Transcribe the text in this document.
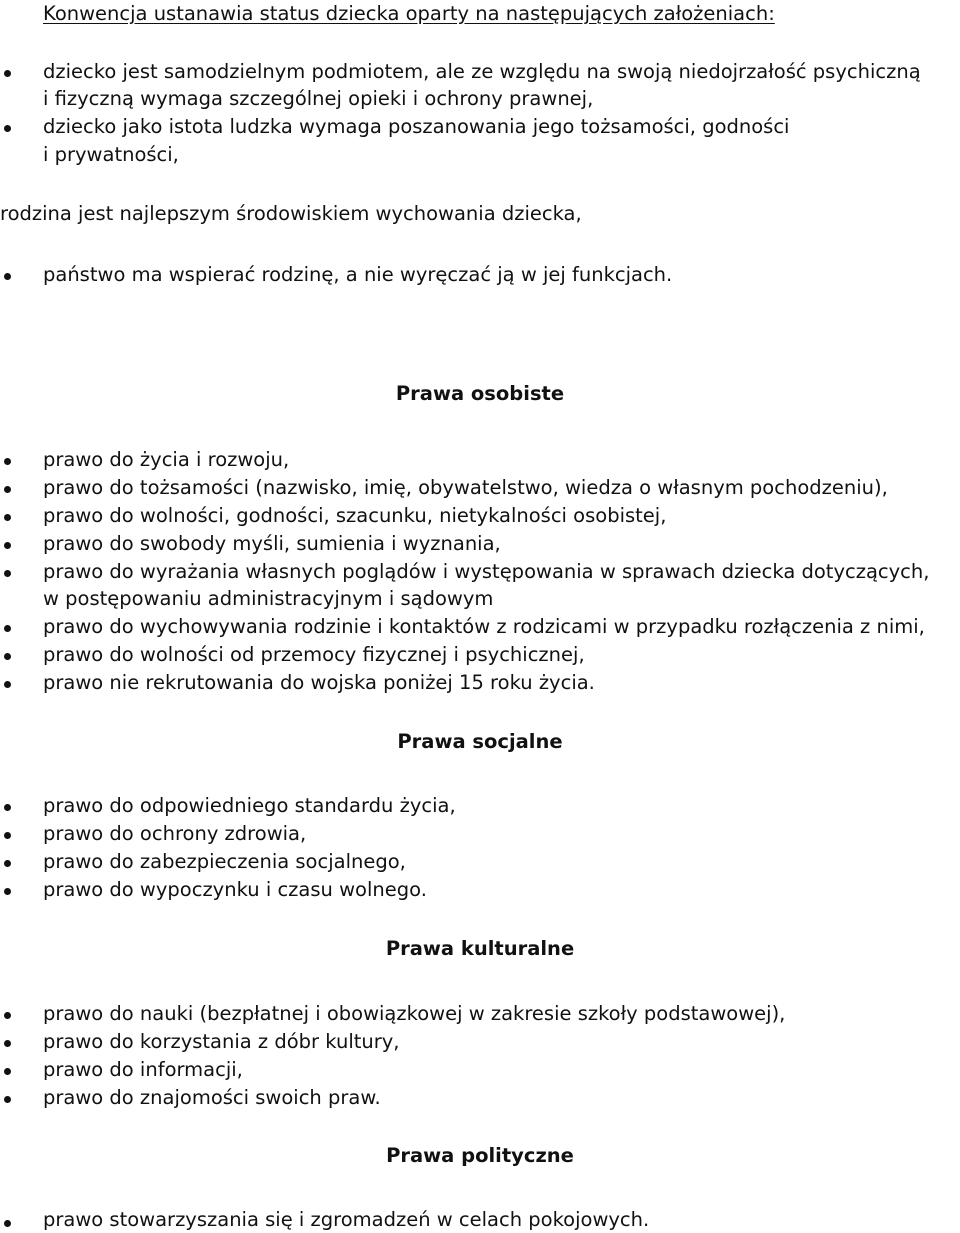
Konwencja ustanawia status dziecka oparty na następujących założeniach:
dziecko jest samodzielnym podmiotem, ale ze względu na swoją niedojrzałość psychiczną
i fizyczną wymaga szczególnej opieki i ochrony prawnej,
dziecko jako istota ludzka wymaga poszanowania jego tożsamości, godności
i prywatności,
rodzina jest najlepszym środowiskiem wychowania dziecka,
państwo ma wspierać rodzinę, a nie wyręczać ją w jej funkcjach.
Prawa osobiste
prawo do życia i rozwoju,
prawo do tożsamości (nazwisko, imię, obywatelstwo, wiedza o własnym pochodzeniu),
prawo do wolności, godności, szacunku, nietykalności osobistej,
prawo do swobody myśli, sumienia i wyznania,
prawo do wyrażania własnych poglądów i występowania w sprawach dziecka dotyczących,
w postępowaniu administracyjnym i sądowym
prawo do wychowywania rodzinie i kontaktów z rodzicami w przypadku rozłączenia z nimi,
prawo do wolności od przemocy fizycznej i psychicznej,
prawo nie rekrutowania do wojska poniżej 15 roku życia.
Prawa socjalne
prawo do odpowiedniego standardu życia,
prawo do ochrony zdrowia,
prawo do zabezpieczenia socjalnego,
prawo do wypoczynku i czasu wolnego.
Prawa kulturalne
prawo do nauki (bezpłatnej i obowiązkowej w zakresie szkoły podstawowej),
prawo do korzystania z dóbr kultury,
prawo do informacji,
prawo do znajomości swoich praw.
Prawa polityczne
prawo stowarzyszania się i zgromadzeń w celach pokojowych.
